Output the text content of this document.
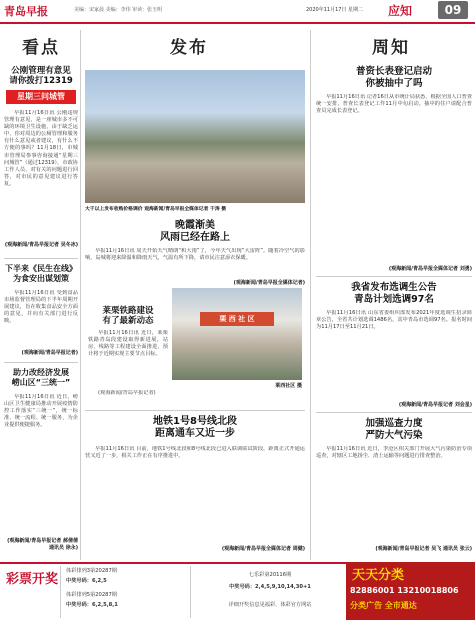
青岛早报	美编：宋家晨 美编：李伟 审读：张玉明	2020年11月17日 星期二 应知	09
看点
公刚管理有意见
请你拨打12319
星期三问城管

早报11月16日讯 公刚违规管理有意见，是一座城市多不可缺的环境卫生设施。由于缺乏运中，你对周边的公厕管理和服务有什么意见或者建议，有什么不方便的事吗？11月18日，市城市管理局参事咨询接通“星期三问城管”（通过12319），市政协工作人员、对有关的问题进行回答，对市民的意见建议进行答复。

(观海新闻/青岛早报记者 吴冬冰)
下半来《民生在线》
为食安出谋划策

早报11月16日讯 受到食品市场监督管理局的下半年周期开展建议，旨在收集食品安全方面的意见，并向有关部门进行反映。

(观海新闻/青岛早报记者)
助力改经济发展
崂山区“三统一”

早报11月16日讯 近日，崂山区卫生健康局推动开展疫情防控工作落实“三统一”，统一标准、统一流程、统一服务，为企业提供便捷服务。

(观海新闻/青岛早报记者 郝倩倩 通讯员 徐永)
发布
大干以上发布收购价格调价 观海新闻/青岛早报全媒体记者 干涛 摄
晚霞渐美
风雨已经在路上

早报11月16日讯 周天开始天气晴朗“积大雨”了，今年天气出现“大雷阵”。随着冷空气的影响，岛城将迎来降温和降雨天气，气温有所下降，请市民注意添衣保暖。

(观海新闻/青岛早报全媒体记者)
栗 西 社 区
莱西社区 摄
莱栗铁路建设
有了最新动态

早报11月16日讯 近日，莱栗铁路青岛段建设取得新进展，站房、线路等工程建设全面推进，预计将于近期实现主要节点目标。

(观海新闻/青岛早报记者)

地铁1号8号线北段
距离通车又近一步

早报11月16日讯 目前，地铁1号线北段和8号线北段已进入联调联试阶段，距离正式开通运营又近了一步，相关工作正在有序推进中。

(观海新闻/青岛早报全媒体记者 周健)
周知
普资长表登记启动
你被抽中了吗

早报11月16日讯 记者16日从市统计局获悉，根据全国人口普查统一安排，普查长表登记工作11月中旬启动。抽中的住户请配合普查员完成长表登记。

(观海新闻/青岛早报全媒体记者 刘勇)
我省发布选调生公告
青岛计划选调97名

早报11月16日讯 山东省委组织部发布2021年度选调生招录简章公告，全省共计划选调1486名，其中青岛市选调97名。报名时间为11月17日至11月21日。

(观海新闻/青岛早报记者 刘会星)
加强巡查力度
严防大气污染

早报11月16日讯 近日，李沧区相关部门开展大气污染防治专项巡查，对辖区工地扬尘、渣土运输等问题进行排查整治。

(观海新闻/青岛早报记者 吴飞 通讯员 张云)
彩票开奖
体彩排列3第20287期
中奖号码：6,2,5
体彩排列5第20287期
中奖号码：6,2,5,8,1
七乐彩第20116期
中奖号码：2,4,5,9,10,14,30+1
详细开奖信息见福彩、体彩官方网站
天天分类
82886001 13210018806
分类广告 全市通达
